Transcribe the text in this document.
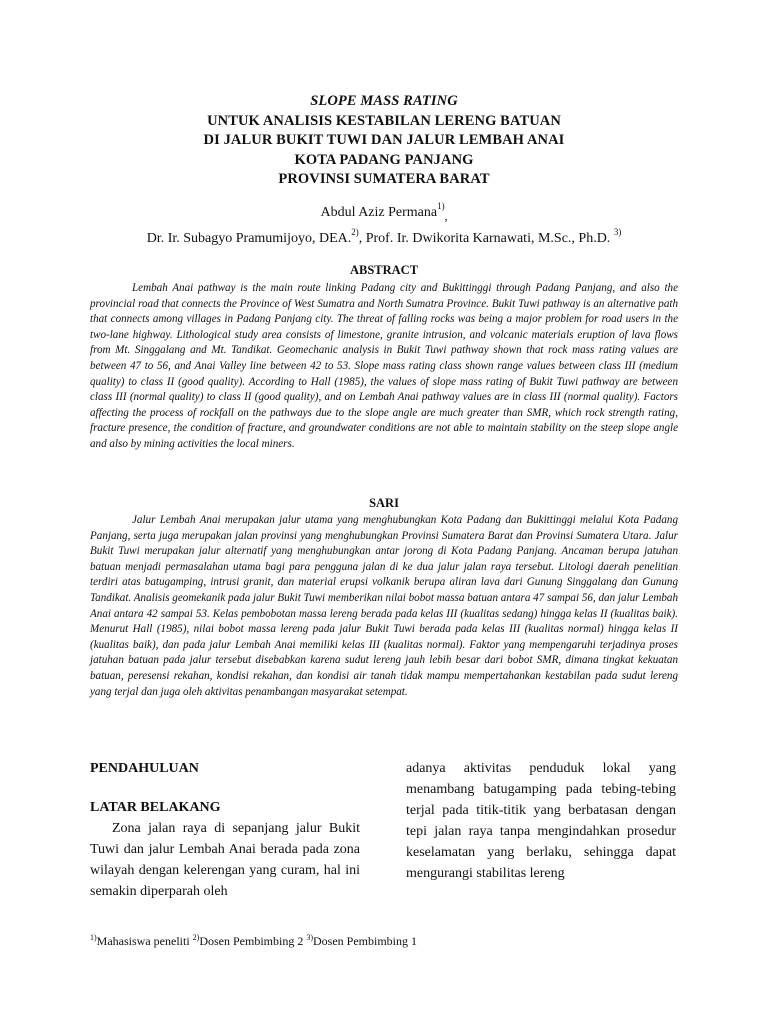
SLOPE MASS RATING
UNTUK ANALISIS KESTABILAN LERENG BATUAN
DI JALUR BUKIT TUWI DAN JALUR LEMBAH ANAI
KOTA PADANG PANJANG
PROVINSI SUMATERA BARAT
Abdul Aziz Permana$^{1)}_,$
Dr. Ir. Subagyo Pramumijoyo, DEA.$^{2)}$, Prof. Ir. Dwikorita Karnawati, M.Sc., Ph.D. $^{3)}$
ABSTRACT

Lembah Anai pathway is the main route linking Padang city and Bukittinggi through Padang Panjang, and also the provincial road that connects the Province of West Sumatra and North Sumatra Province. Bukit Tuwi pathway is an alternative path that connects among villages in Padang Panjang city. The threat of falling rocks was being a major problem for road users in the two-lane highway. Lithological study area consists of limestone, granite intrusion, and volcanic materials eruption of lava flows from Mt. Singgalang and Mt. Tandikat. Geomechanic analysis in Bukit Tuwi pathway shown that rock mass rating values are between 47 to 56, and Anai Valley line between 42 to 53. Slope mass rating class shown range values between class III (medium quality) to class II (good quality). According to Hall (1985), the values of slope mass rating of Bukit Tuwi pathway are between class III (normal quality) to class II (good quality), and on Lembah Anai pathway values are in class III (normal quality). Factors affecting the process of rockfall on the pathways due to the slope angle are much greater than SMR, which rock strength rating, fracture presence, the condition of fracture, and groundwater conditions are not able to maintain stability on the steep slope angle and also by mining activities the local miners.

SARI

Jalur Lembah Anai merupakan jalur utama yang menghubungkan Kota Padang dan Bukittinggi melalui Kota Padang Panjang, serta juga merupakan jalan provinsi yang menghubungkan Provinsi Sumatera Barat dan Provinsi Sumatera Utara. Jalur Bukit Tuwi merupakan jalur alternatif yang menghubungkan antar jorong di Kota Padang Panjang. Ancaman berupa jatuhan batuan menjadi permasalahan utama bagi para pengguna jalan di ke dua jalur jalan raya tersebut. Litologi daerah penelitian terdiri atas batugamping, intrusi granit, dan material erupsi volkanik berupa aliran lava dari Gunung Singgalang dan Gunung Tandikat. Analisis geomekanik pada jalur Bukit Tuwi memberikan nilai bobot massa batuan antara 47 sampai 56, dan jalur Lembah Anai antara 42 sampai 53. Kelas pembobotan massa lereng berada pada kelas III (kualitas sedang) hingga kelas II (kualitas baik). Menurut Hall (1985), nilai bobot massa lereng pada jalur Bukit Tuwi berada pada kelas III (kualitas normal) hingga kelas II (kualitas baik), dan pada jalur Lembah Anai memiliki kelas III (kualitas normal). Faktor yang mempengaruhi terjadinya proses jatuhan batuan pada jalur tersebut disebabkan karena sudut lereng jauh lebih besar dari bobot SMR, dimana tingkat kekuatan batuan, peresensi rekahan, kondisi rekahan, dan kondisi air tanah tidak mampu mempertahankan kestabilan pada sudut lereng yang terjal dan juga oleh aktivitas penambangan masyarakat setempat.

PENDAHULUAN
LATAR BELAKANG

Zona jalan raya di sepanjang jalur Bukit Tuwi dan jalur Lembah Anai berada pada zona wilayah dengan kelerengan yang curam, hal ini semakin diperparah oleh

adanya aktivitas penduduk lokal yang menambang batugamping pada tebing-tebing terjal pada titik-titik yang berbatasan dengan tepi jalan raya tanpa mengindahkan prosedur keselamatan yang berlaku, sehingga dapat mengurangi stabilitas lereng

$^{1)}$Mahasiswa peneliti $^{2)}$Dosen Pembimbing 2 $^{3)}$Dosen Pembimbing 1
